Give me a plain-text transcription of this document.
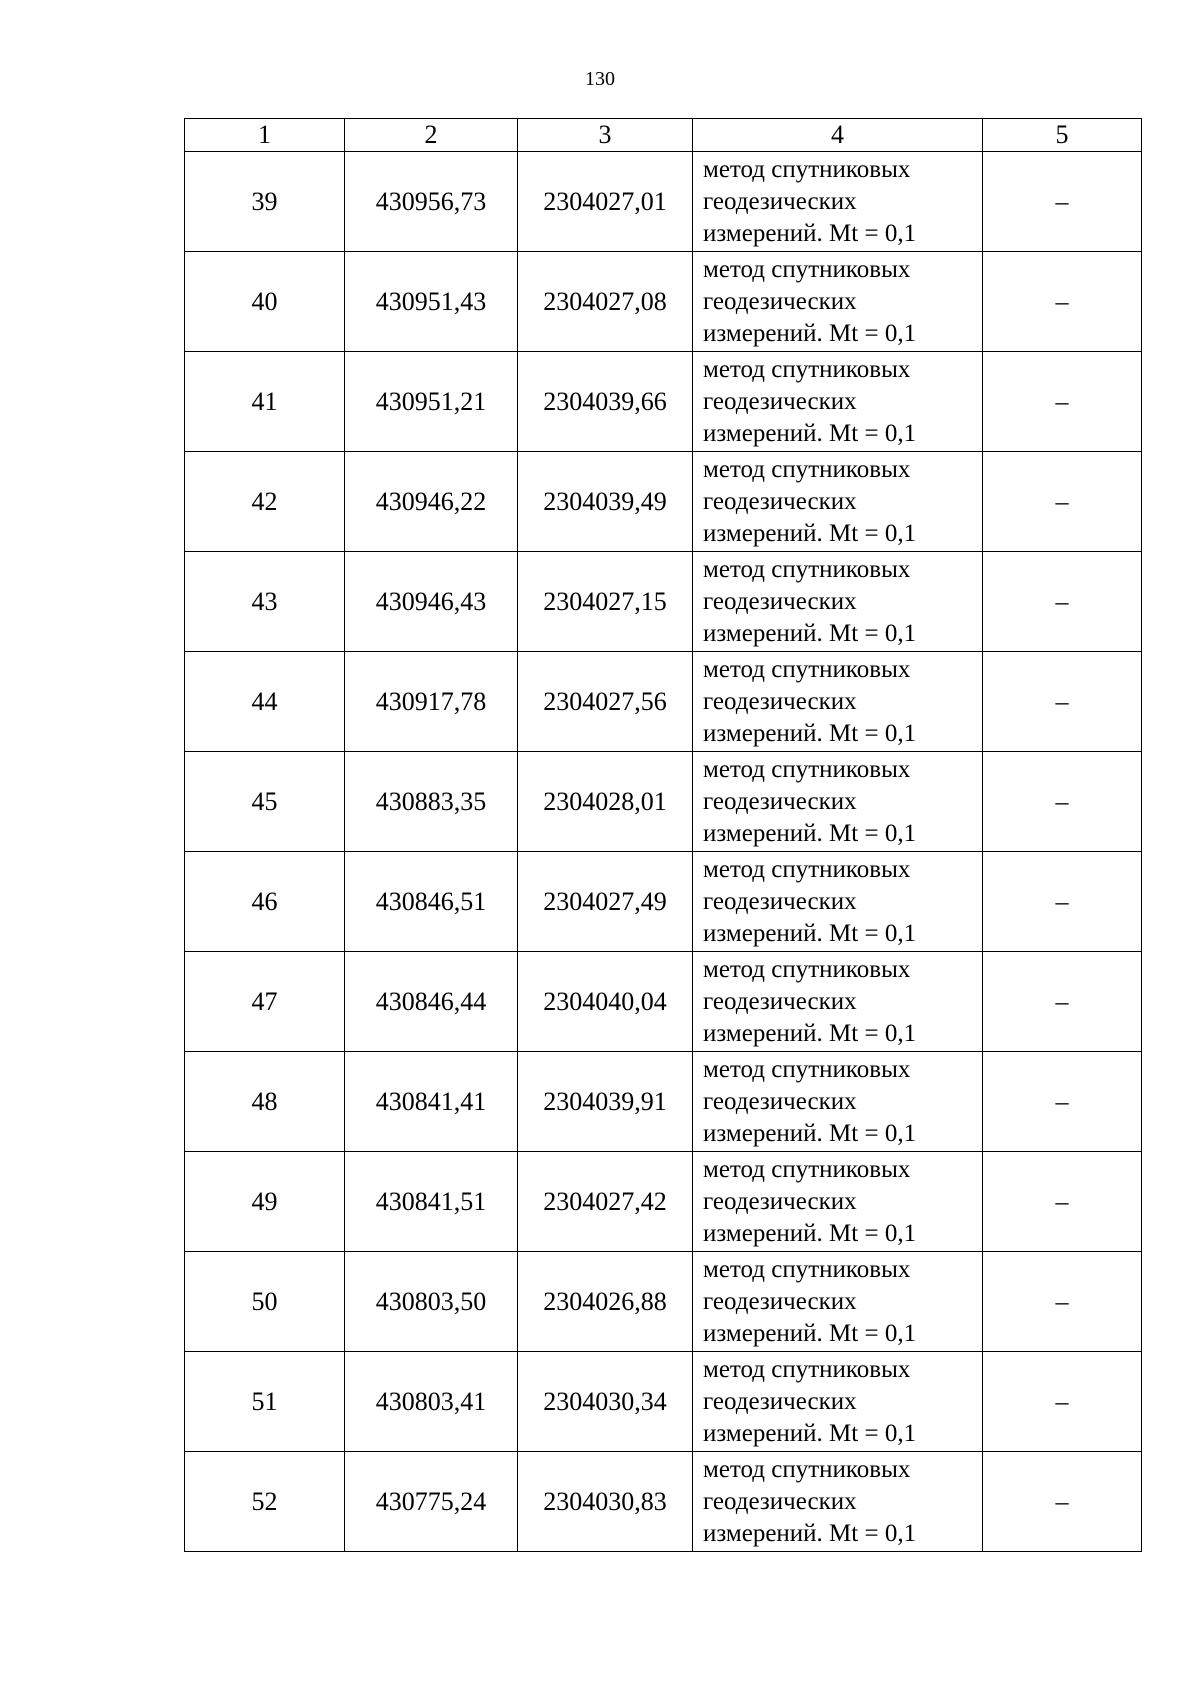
130
1	2	3	4	5
39	430956,73	2304027,01	метод спутниковых
геодезических
измерений. Mt = 0,1	–
40	430951,43	2304027,08	метод спутниковых
геодезических
измерений. Mt = 0,1	–
41	430951,21	2304039,66	метод спутниковых
геодезических
измерений. Mt = 0,1	–
42	430946,22	2304039,49	метод спутниковых
геодезических
измерений. Mt = 0,1	–
43	430946,43	2304027,15	метод спутниковых
геодезических
измерений. Mt = 0,1	–
44	430917,78	2304027,56	метод спутниковых
геодезических
измерений. Mt = 0,1	–
45	430883,35	2304028,01	метод спутниковых
геодезических
измерений. Mt = 0,1	–
46	430846,51	2304027,49	метод спутниковых
геодезических
измерений. Mt = 0,1	–
47	430846,44	2304040,04	метод спутниковых
геодезических
измерений. Mt = 0,1	–
48	430841,41	2304039,91	метод спутниковых
геодезических
измерений. Mt = 0,1	–
49	430841,51	2304027,42	метод спутниковых
геодезических
измерений. Mt = 0,1	–
50	430803,50	2304026,88	метод спутниковых
геодезических
измерений. Mt = 0,1	–
51	430803,41	2304030,34	метод спутниковых
геодезических
измерений. Mt = 0,1	–
52	430775,24	2304030,83	метод спутниковых
геодезических
измерений. Mt = 0,1	–
